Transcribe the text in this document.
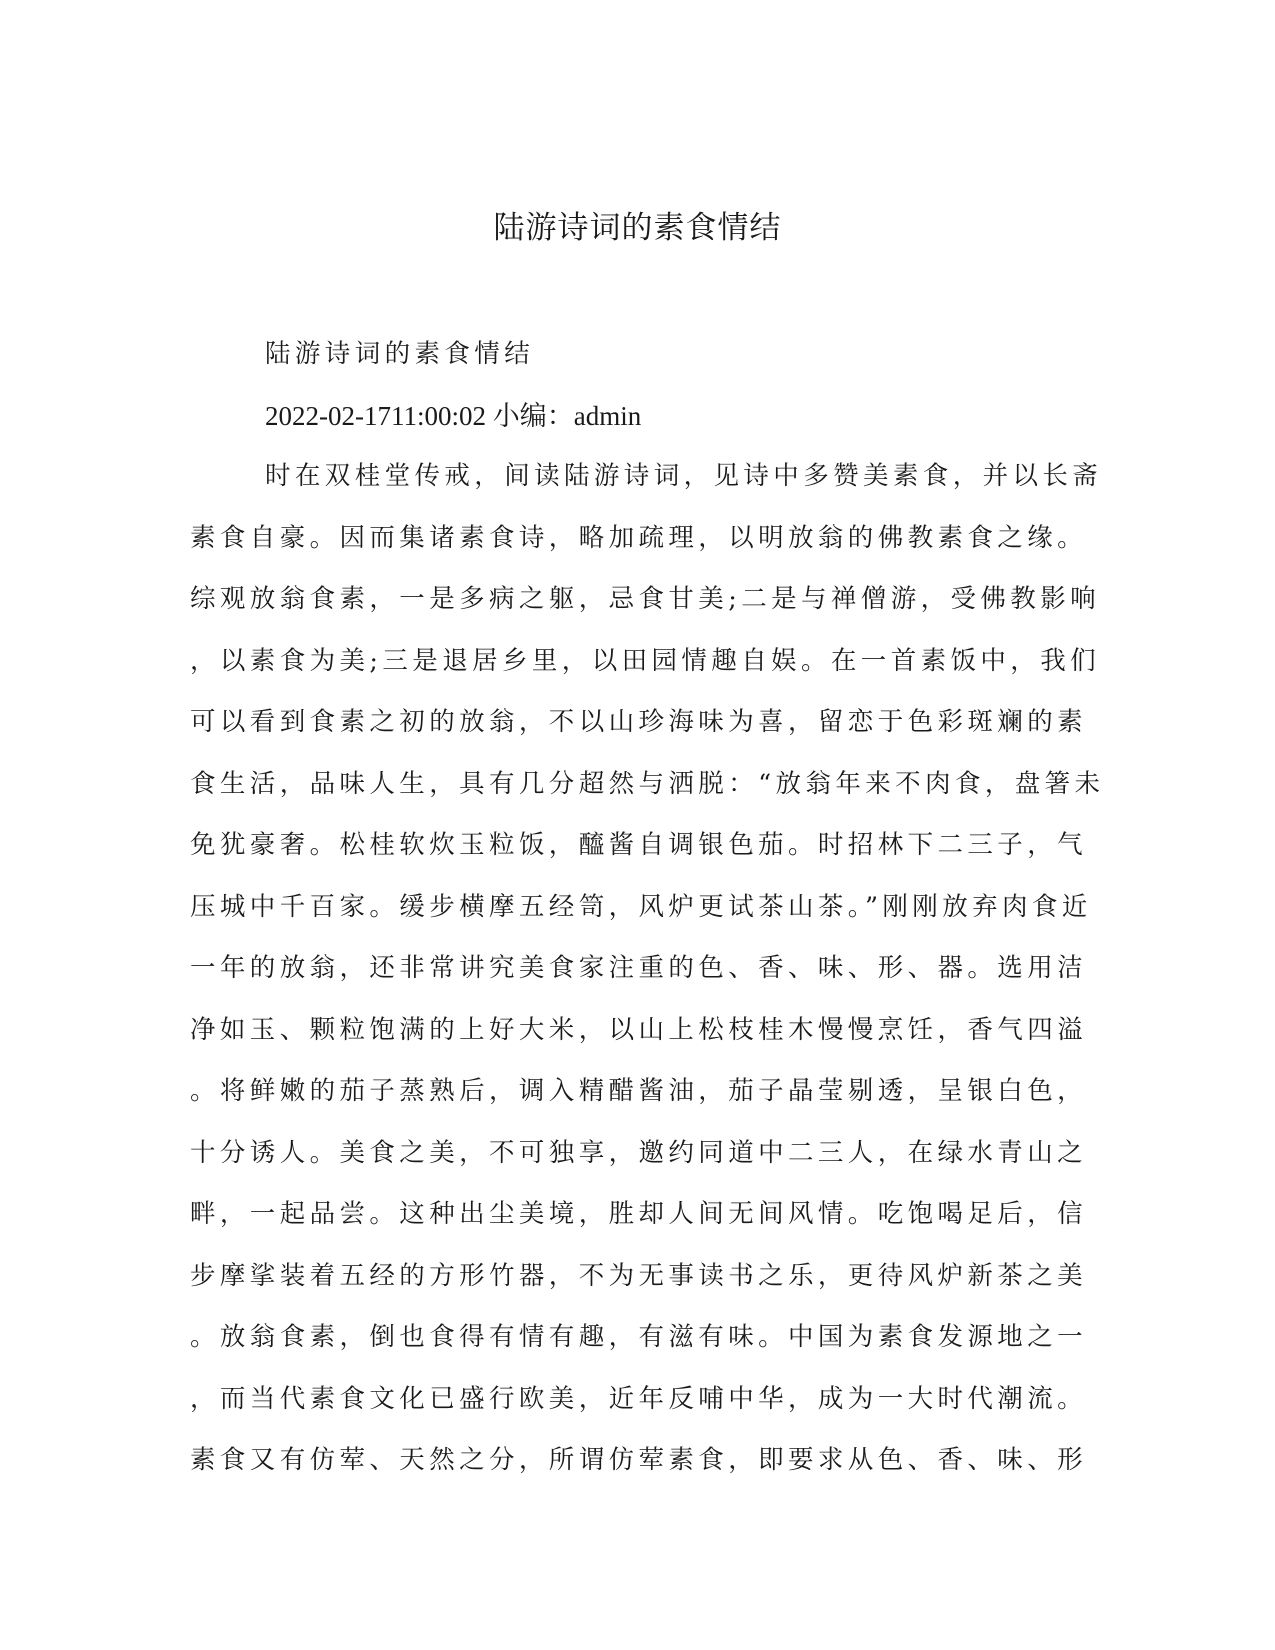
陆游诗词的素食情结
陆游诗词的素食情结
2022-02-1711:00:02 小编：admin
时在双桂堂传戒，间读陆游诗词，见诗中多赞美素食，并以长斋
素食自豪。因而集诸素食诗，略加疏理，以明放翁的佛教素食之缘。
综观放翁食素，一是多病之躯，忌食甘美;二是与禅僧游，受佛教影响
，以素食为美;三是退居乡里，以田园情趣自娱。在一首素饭中，我们
可以看到食素之初的放翁，不以山珍海味为喜，留恋于色彩斑斓的素
食生活，品味人生，具有几分超然与洒脱：“放翁年来不肉食，盘箸未
免犹豪奢。松桂软炊玉粒饭，醯酱自调银色茄。时招林下二三子，气
压城中千百家。缓步横摩五经笥，风炉更试茶山茶。”刚刚放弃肉食近
一年的放翁，还非常讲究美食家注重的色、香、味、形、器。选用洁
净如玉、颗粒饱满的上好大米，以山上松枝桂木慢慢烹饪，香气四溢
。将鲜嫩的茄子蒸熟后，调入精醋酱油，茄子晶莹剔透，呈银白色，
十分诱人。美食之美，不可独享，邀约同道中二三人，在绿水青山之
畔，一起品尝。这种出尘美境，胜却人间无间风情。吃饱喝足后，信
步摩挲装着五经的方形竹器，不为无事读书之乐，更待风炉新茶之美
。放翁食素，倒也食得有情有趣，有滋有味。中国为素食发源地之一
，而当代素食文化已盛行欧美，近年反哺中华，成为一大时代潮流。
素食又有仿荤、天然之分，所谓仿荤素食，即要求从色、香、味、形
